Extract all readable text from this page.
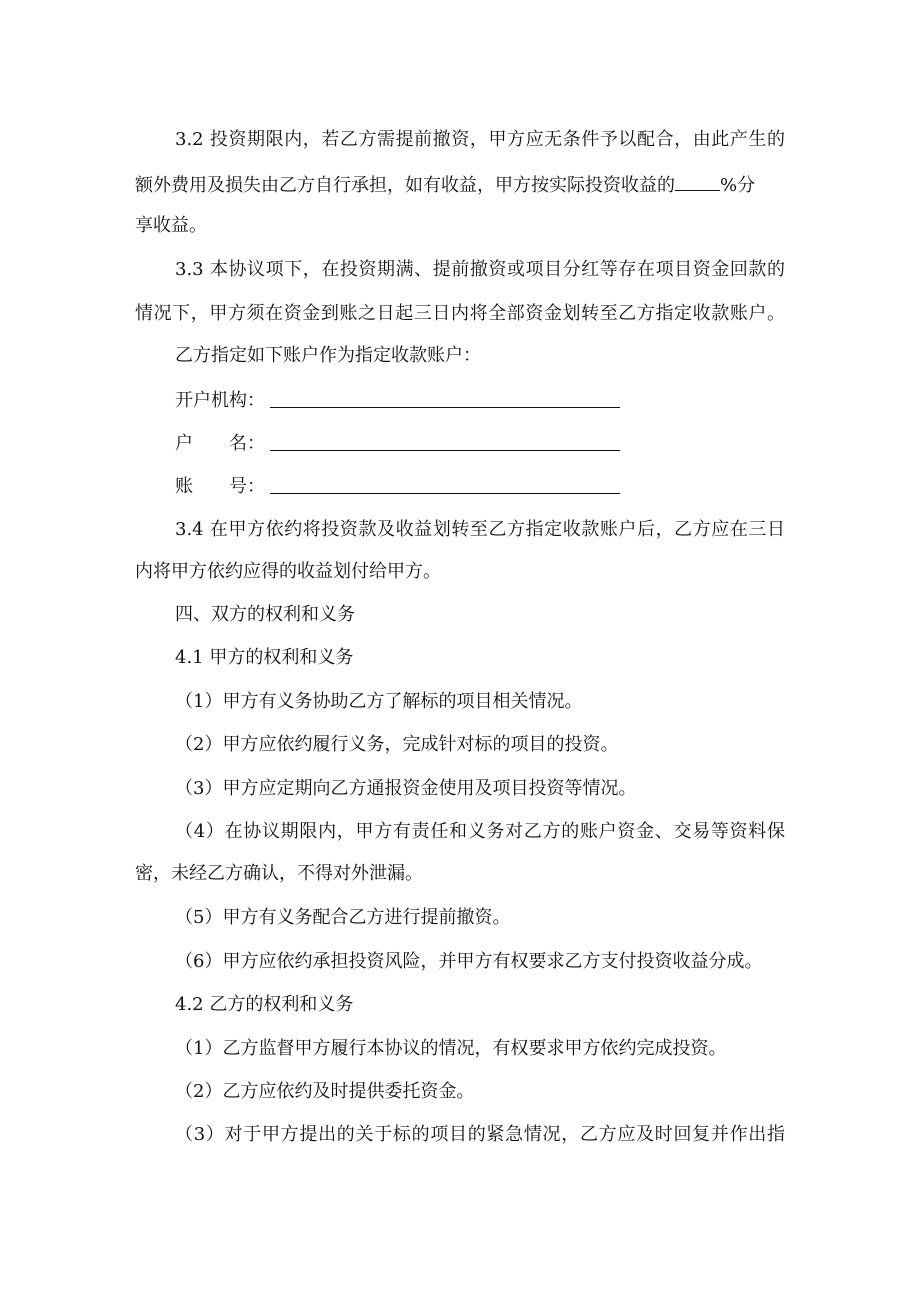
3.2 投资期限内，若乙方需提前撤资，甲方应无条件予以配合，由此产生的
额外费用及损失由乙方自行承担，如有收益，甲方按实际投资收益的	%分
享收益。
3.3 本协议项下，在投资期满、提前撤资或项目分红等存在项目资金回款的
情况下，甲方须在资金到账之日起三日内将全部资金划转至乙方指定收款账户。
乙方指定如下账户作为指定收款账户：
开户机构：
户　　名：
账　　号：
3.4 在甲方依约将投资款及收益划转至乙方指定收款账户后，乙方应在三日
内将甲方依约应得的收益划付给甲方。
四、双方的权利和义务
4.1 甲方的权利和义务
（1）甲方有义务协助乙方了解标的项目相关情况。
（2）甲方应依约履行义务，完成针对标的项目的投资。
（3）甲方应定期向乙方通报资金使用及项目投资等情况。
（4）在协议期限内，甲方有责任和义务对乙方的账户资金、交易等资料保
密，未经乙方确认，不得对外泄漏。
（5）甲方有义务配合乙方进行提前撤资。
（6）甲方应依约承担投资风险，并甲方有权要求乙方支付投资收益分成。
4.2 乙方的权利和义务
（1）乙方监督甲方履行本协议的情况，有权要求甲方依约完成投资。
（2）乙方应依约及时提供委托资金。
（3）对于甲方提出的关于标的项目的紧急情况，乙方应及时回复并作出指
